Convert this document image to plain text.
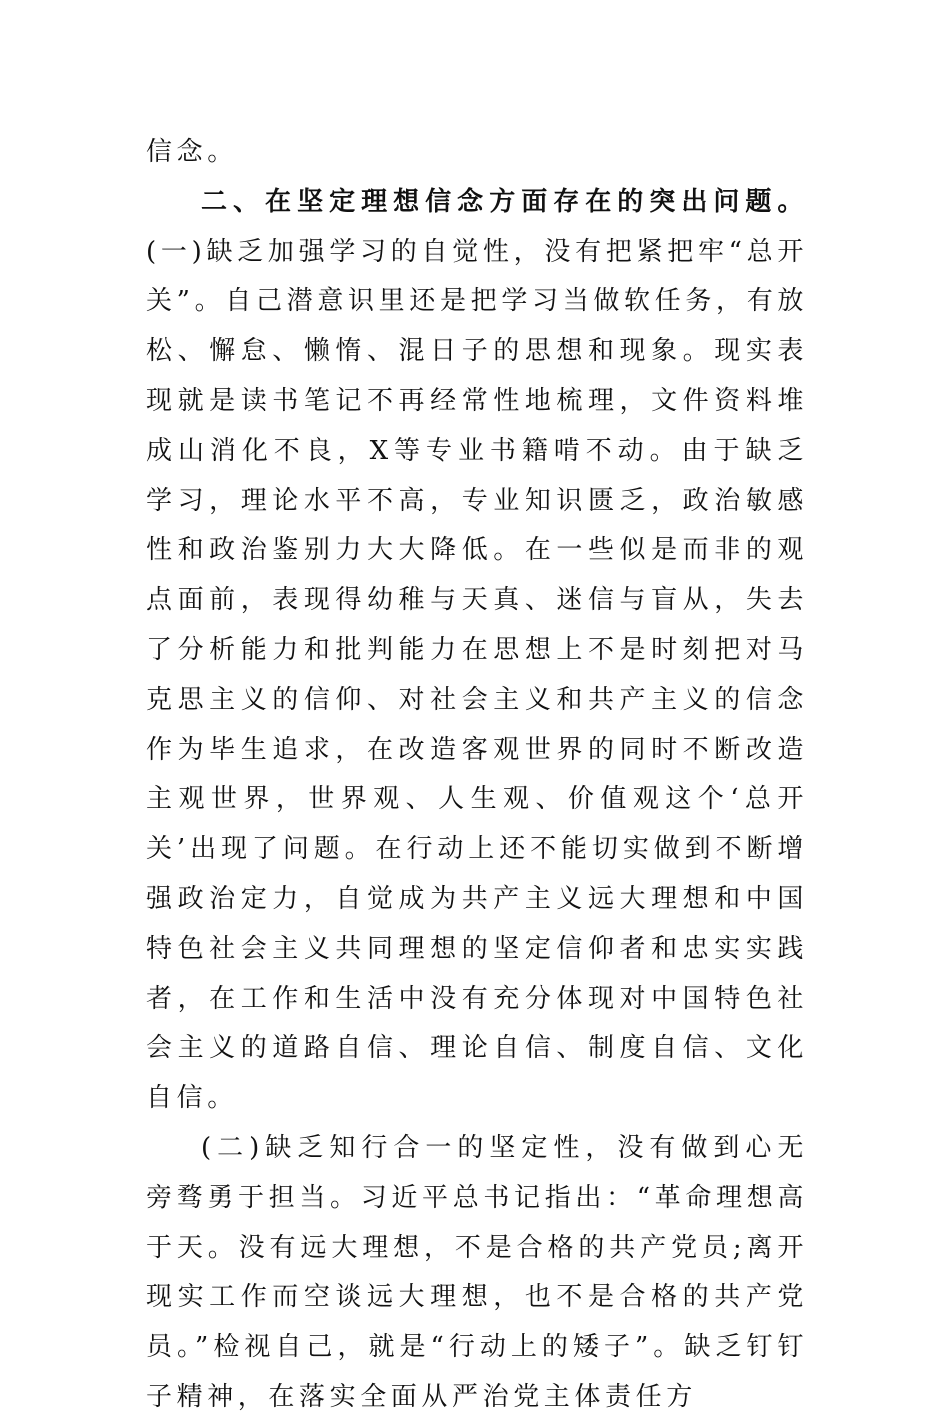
信念。

二、在坚定理想信念方面存在的突出问题。(一)缺乏加强学习的自觉性，没有把紧把牢“总开关”。自己潜意识里还是把学习当做软任务，有放松、懈怠、懒惰、混日子的思想和现象。现实表现就是读书笔记不再经常性地梳理，文件资料堆成山消化不良，X等专业书籍啃不动。由于缺乏学习，理论水平不高，专业知识匮乏，政治敏感性和政治鉴别力大大降低。在一些似是而非的观点面前，表现得幼稚与天真、迷信与盲从，失去了分析能力和批判能力在思想上不是时刻把对马克思主义的信仰、对社会主义和共产主义的信念作为毕生追求，在改造客观世界的同时不断改造主观世界，世界观、人生观、价值观这个‘总开关’出现了问题。在行动上还不能切实做到不断增强政治定力，自觉成为共产主义远大理想和中国特色社会主义共同理想的坚定信仰者和忠实实践者，在工作和生活中没有充分体现对中国特色社会主义的道路自信、理论自信、制度自信、文化自信。

(二)缺乏知行合一的坚定性，没有做到心无旁骛勇于担当。习近平总书记指出：“革命理想高于天。没有远大理想，不是合格的共产党员;离开现实工作而空谈远大理想，也不是合格的共产党员。”检视自己，就是“行动上的矮子”。缺乏钉钉子精神，在落实全面从严治党主体责任方
